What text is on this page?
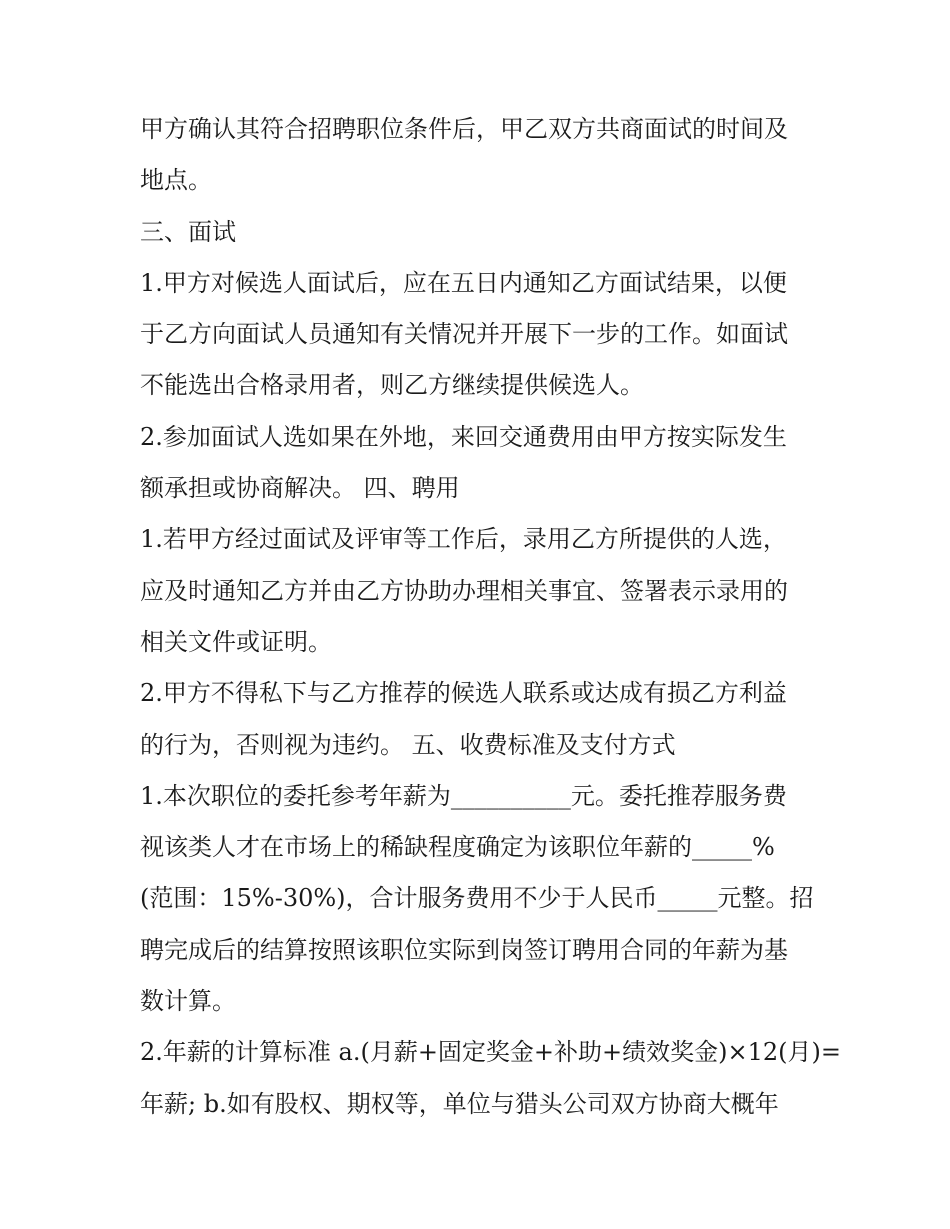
甲方确认其符合招聘职位条件后，甲乙双方共商面试的时间及
地点。
三、面试
1.甲方对候选人面试后，应在五日内通知乙方面试结果，以便
于乙方向面试人员通知有关情况并开展下一步的工作。如面试
不能选出合格录用者，则乙方继续提供候选人。
2.参加面试人选如果在外地，来回交通费用由甲方按实际发生
额承担或协商解决。 四、聘用
1.若甲方经过面试及评审等工作后，录用乙方所提供的人选，
应及时通知乙方并由乙方协助办理相关事宜、签署表示录用的
相关文件或证明。
2.甲方不得私下与乙方推荐的候选人联系或达成有损乙方利益
的行为，否则视为违约。 五、收费标准及支付方式
1.本次职位的委托参考年薪为__________元。委托推荐服务费
视该类人才在市场上的稀缺程度确定为该职位年薪的_____%
(范围：15%-30%)，合计服务费用不少于人民币_____元整。招
聘完成后的结算按照该职位实际到岗签订聘用合同的年薪为基
数计算。
2.年薪的计算标准 a.(月薪+固定奖金+补助+绩效奖金)×12(月)=
年薪; b.如有股权、期权等，单位与猎头公司双方协商大概年
